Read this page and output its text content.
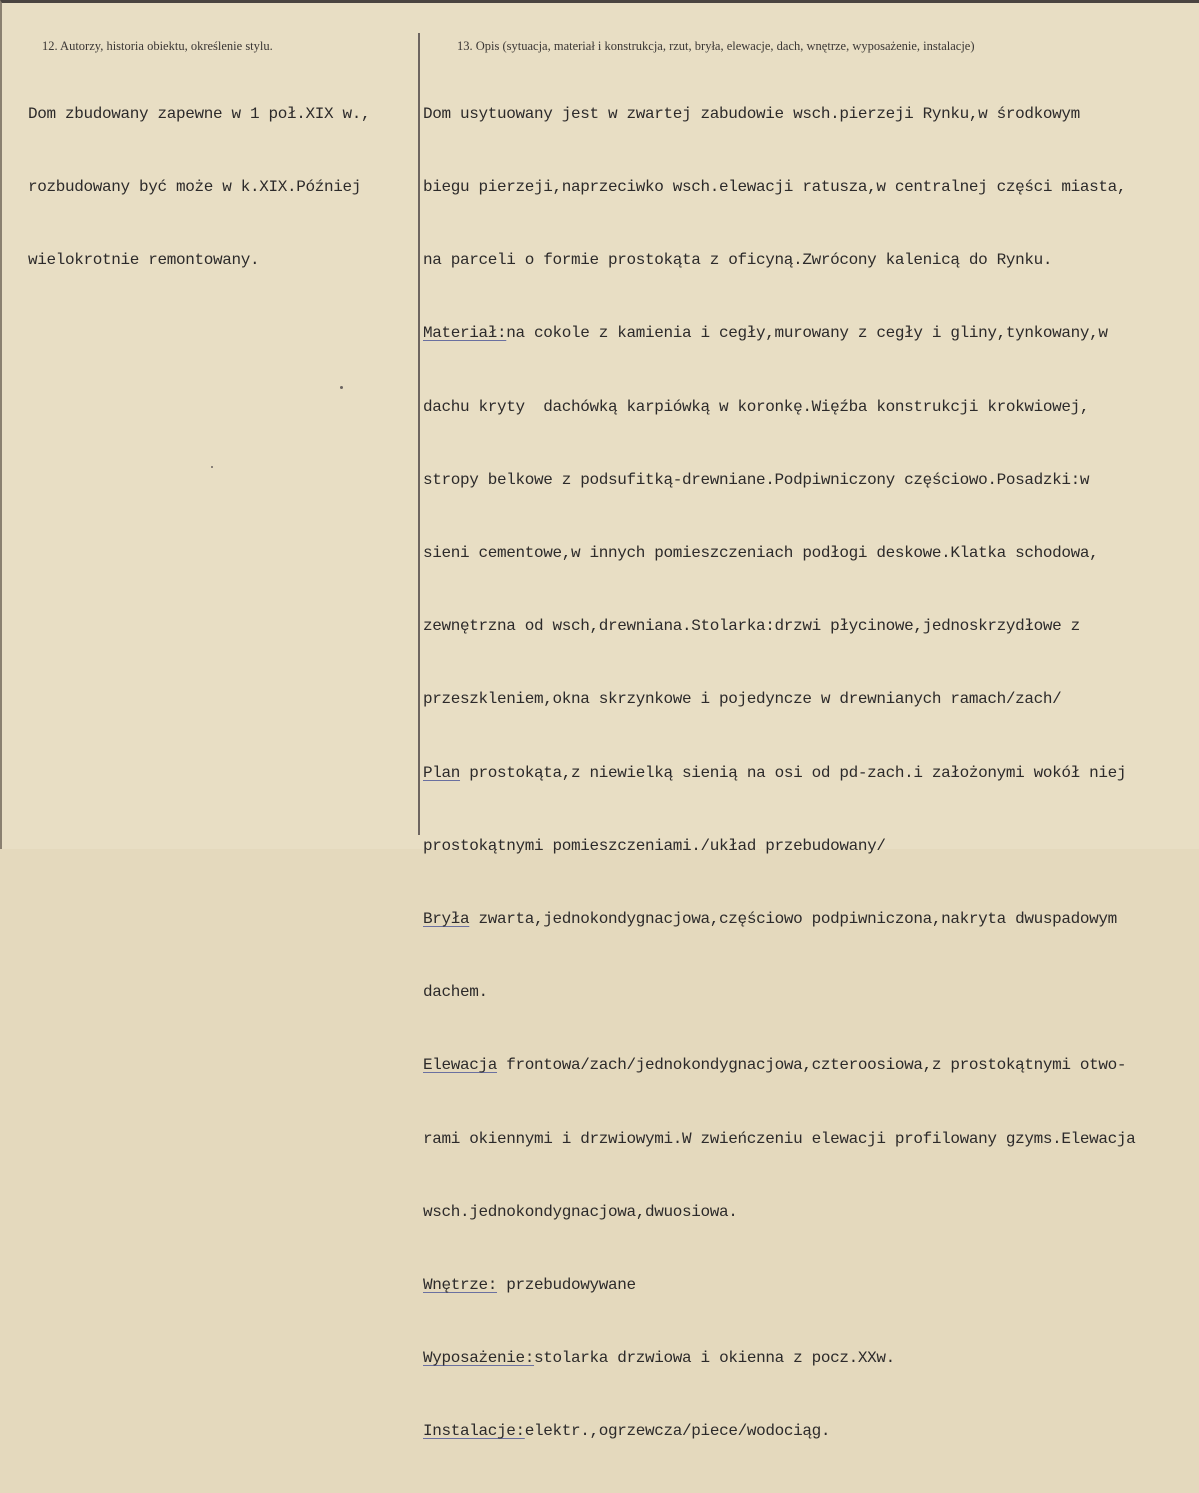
12. Autorzy, historia obiektu, określenie stylu.	13. Opis (sytuacja, materiał i konstrukcja, rzut, bryła, elewacje, dach, wnętrze, wyposażenie, instalacje)

Dom zbudowany zapewne w 1 poł.XIX w.,

rozbudowany być może w k.XIX.Później

wielokrotnie remontowany.

Dom usytuowany jest w zwartej zabudowie wsch.pierzeji Rynku,w środkowym

biegu pierzeji,naprzeciwko wsch.elewacji ratusza,w centralnej części miasta,

na parceli o formie prostokąta z oficyną.Zwrócony kalenicą do Rynku.

Materiał:na cokole z kamienia i cegły,murowany z cegły i gliny,tynkowany,w

dachu kryty  dachówką karpiówką w koronkę.Więźba konstrukcji krokwiowej,

stropy belkowe z podsufitką-drewniane.Podpiwniczony częściowo.Posadzki:w

sieni cementowe,w innych pomieszczeniach podłogi deskowe.Klatka schodowa,

zewnętrzna od wsch,drewniana.Stolarka:drzwi płycinowe,jednoskrzydłowe z

przeszkleniem,okna skrzynkowe i pojedyncze w drewnianych ramach/zach/

Plan prostokąta,z niewielką sienią na osi od pd-zach.i założonymi wokół niej

prostokątnymi pomieszczeniami./układ przebudowany/

Bryła zwarta,jednokondygnacjowa,częściowo podpiwniczona,nakryta dwuspadowym

dachem.

Elewacja frontowa/zach/jednokondygnacjowa,czteroosiowa,z prostokątnymi otwo-

rami okiennymi i drzwiowymi.W zwieńczeniu elewacji profilowany gzyms.Elewacja

wsch.jednokondygnacjowa,dwuosiowa.

Wnętrze: przebudowywane

Wyposażenie:stolarka drzwiowa i okienna z pocz.XXw.

Instalacje:elektr.,ogrzewcza/piece/wodociąg.
